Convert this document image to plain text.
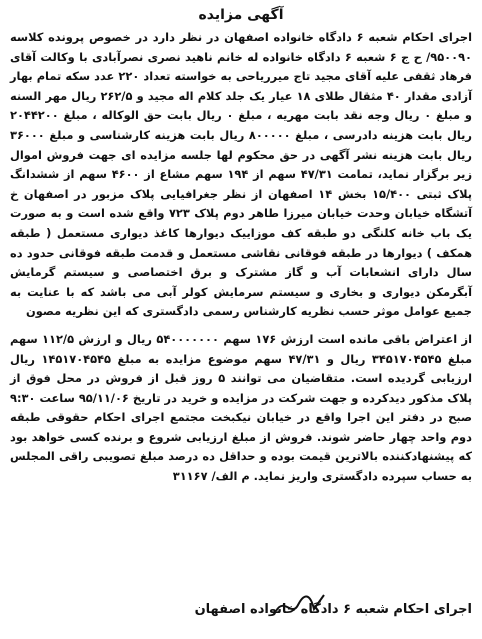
آگهی مزایده

اجرای احکام شعبه ۶ دادگاه خانواده اصفهان در نظر دارد در خصوص پرونده کلاسه ۹۵۰۰۹۰/ ح ج ۶ شعبه ۶ دادگاه خانواده له خانم ناهید نصری نصرآبادی با وکالت آقای فرهاد ثقفی علیه آقای مجید تاج میرریاحی به خواسته تعداد ۲۲۰ عدد سکه تمام بهار آزادی مقدار ۴۰ مثقال طلای ۱۸ عیار یک جلد کلام اله مجید و ۲۶۲/۵ ریال مهر السنه و مبلغ ۰ ریال وجه نقد بابت مهریه ، مبلغ ۰ ریال بابت حق الوکاله ، مبلغ ۲۰۴۴۲۰۰ ریال بابت هزینه دادرسی ، مبلغ ۸۰۰۰۰۰ ریال بابت هزینه کارشناسی و مبلغ ۳۶۰۰۰ ریال بابت هزینه نشر آگهی در حق محکوم لها جلسه مزایده ای جهت فروش اموال زیر برگزار نماید، تمامت ۴۷/۳۱ سهم از ۱۹۴ سهم مشاع از ۴۶۰۰ سهم از ششدانگ پلاک ثبتی ۱۵/۴۰۰ بخش ۱۴ اصفهان از نظر جغرافیایی پلاک مزبور در اصفهان خ آتشگاه خیابان وحدت خیابان میرزا طاهر دوم پلاک ۷۲۳ واقع شده است و به صورت یک باب خانه کلنگی دو طبقه کف موزاییک دیوارها کاغذ دیواری مستعمل ( طبقه همکف ) دیوارها در طبقه فوقانی نقاشی مستعمل و قدمت طبقه فوقانی حدود ده سال دارای انشعابات آب و گاز مشترک و برق اختصاصی و سیستم گرمایش آبگرمکن دیواری و بخاری و سیستم سرمایش کولر آبی می باشد که با عنایت به جمیع عوامل موثر حسب نظریه کارشناس رسمی دادگستری که این نظریه مصون

از اعتراض باقی مانده است ارزش ۱۷۶ سهم ۵۴۰۰۰۰۰۰۰ ریال و ارزش ۱۱۲/۵ سهم مبلغ ۳۴۵۱۷۰۴۵۴۵ ریال و ۴۷/۳۱ سهم موضوع مزایده به مبلغ ۱۴۵۱۷۰۴۵۴۵ ریال ارزیابی گردیده است. متقاضیان می توانند ۵ روز قبل از فروش در محل فوق از پلاک مذکور دیدکرده و جهت شرکت در مزایده و خرید در تاریخ ۹۵/۱۱/۰۶ ساعت ۹:۳۰ صبح در دفتر این اجرا واقع در خیابان نیکبخت مجتمع اجرای احکام حقوقی طبقه دوم واحد چهار حاضر شوند. فروش از مبلغ ارزیابی شروع و برنده کسی خواهد بود که پیشنهادکننده بالاترین قیمت بوده و حداقل ده درصد مبلغ تصویبی راقی المجلس به حساب سپرده دادگستری واریز نماید. م الف/ ۳۱۱۶۷

اجرای احکام شعبه ۶ دادگاه خانواده اصفهان
